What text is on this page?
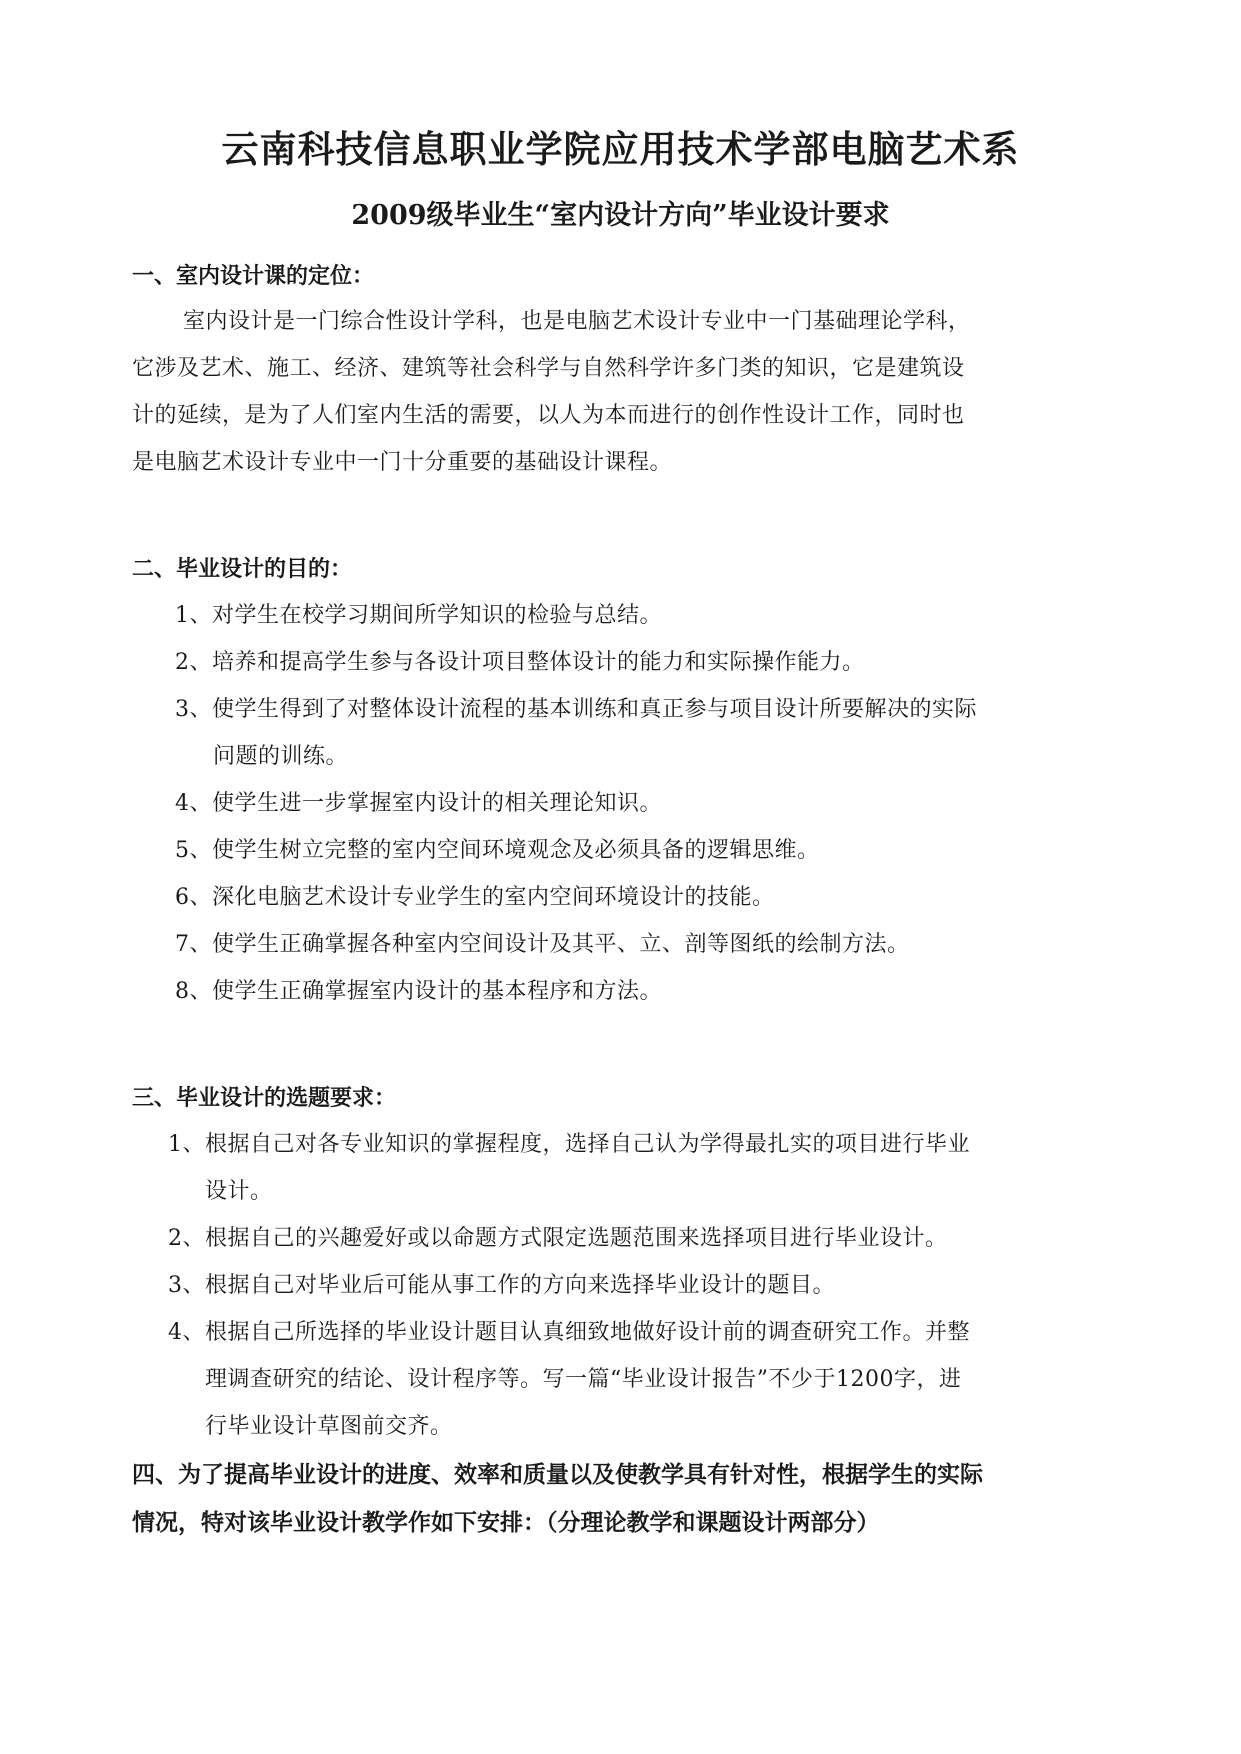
云南科技信息职业学院应用技术学部电脑艺术系
2009级毕业生“室内设计方向”毕业设计要求
一、室内设计课的定位：
室内设计是一门综合性设计学科，也是电脑艺术设计专业中一门基础理论学科，
它涉及艺术、施工、经济、建筑等社会科学与自然科学许多门类的知识，它是建筑设
计的延续，是为了人们室内生活的需要，以人为本而进行的创作性设计工作，同时也
是电脑艺术设计专业中一门十分重要的基础设计课程。
二、毕业设计的目的：
1、对学生在校学习期间所学知识的检验与总结。
2、培养和提高学生参与各设计项目整体设计的能力和实际操作能力。
3、使学生得到了对整体设计流程的基本训练和真正参与项目设计所要解决的实际
问题的训练。
4、使学生进一步掌握室内设计的相关理论知识。
5、使学生树立完整的室内空间环境观念及必须具备的逻辑思维。
6、深化电脑艺术设计专业学生的室内空间环境设计的技能。
7、使学生正确掌握各种室内空间设计及其平、立、剖等图纸的绘制方法。
8、使学生正确掌握室内设计的基本程序和方法。
三、毕业设计的选题要求：
1、根据自己对各专业知识的掌握程度，选择自己认为学得最扎实的项目进行毕业
设计。
2、根据自己的兴趣爱好或以命题方式限定选题范围来选择项目进行毕业设计。
3、根据自己对毕业后可能从事工作的方向来选择毕业设计的题目。
4、根据自己所选择的毕业设计题目认真细致地做好设计前的调查研究工作。并整
理调查研究的结论、设计程序等。写一篇“毕业设计报告”不少于1200字，进
行毕业设计草图前交齐。
四、为了提高毕业设计的进度、效率和质量以及使教学具有针对性，根据学生的实际
情况，特对该毕业设计教学作如下安排：（分理论教学和课题设计两部分）
